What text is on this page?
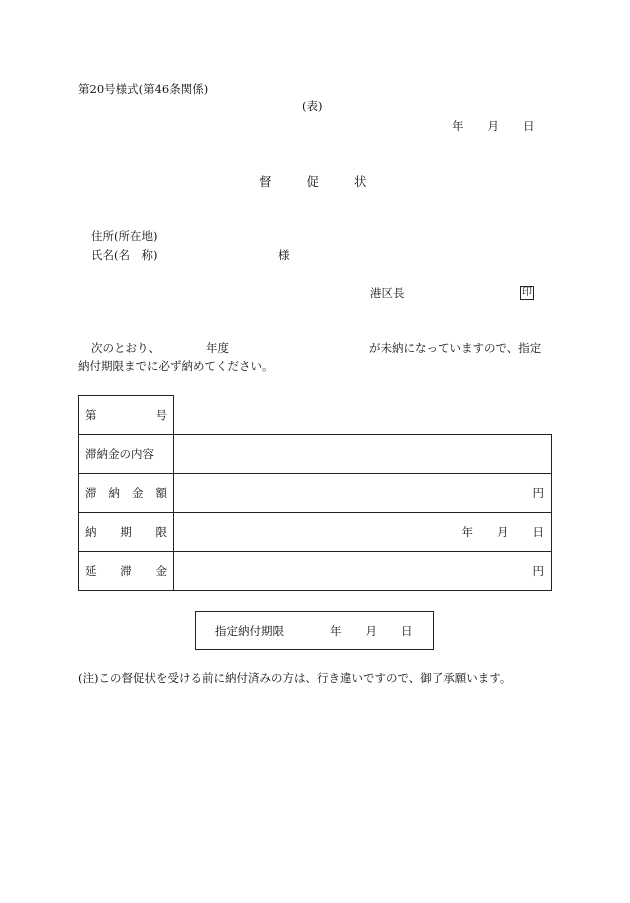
第20号様式(第46条関係)
(表)
年 月 日
督	促	状
住所(所在地)
氏名(名　称)	様
港区長	印
次のとおり、	年度	が未納になっていますので、指定
納付期限までに必ず納めてください。
第 号	

滞納金の内容	

滞 納 金 額	円

納 期 限	年 月 日

延 滞 金	円
指定納付期限	年 月 日
(注)この督促状を受ける前に納付済みの方は、行き違いですので、御了承願います。
